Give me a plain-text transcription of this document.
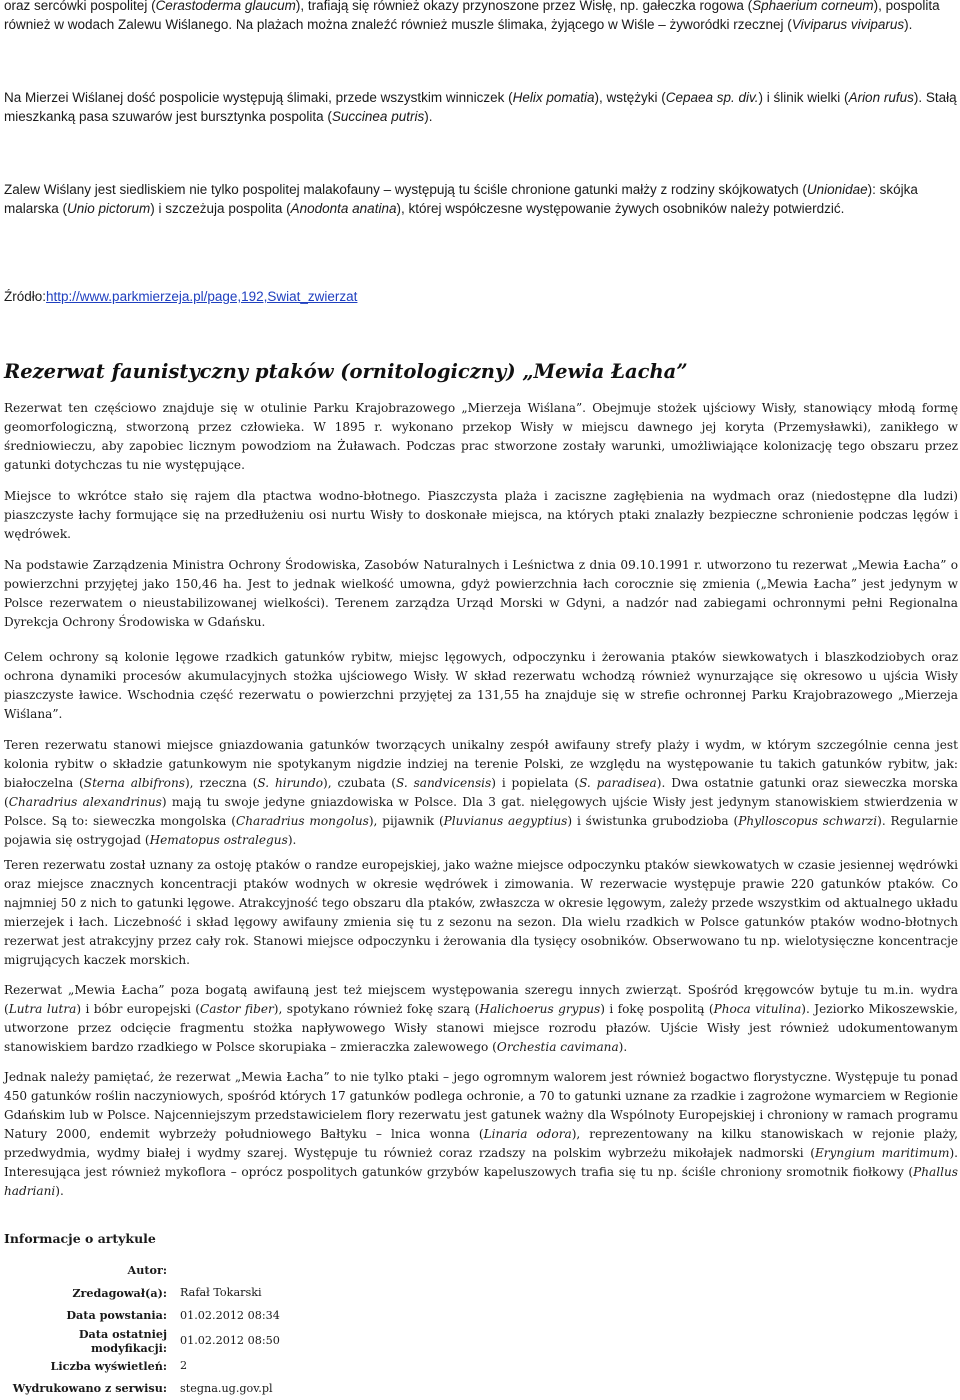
oraz sercówki pospolitej (Cerastoderma glaucum), trafiają się również okazy przynoszone przez Wisłę, np. gałeczka rogowa (Sphaerium corneum), pospolita również w wodach Zalewu Wiślanego. Na plażach można znaleźć również muszle ślimaka, żyjącego w Wiśle – żyworódki rzecznej (Viviparus viviparus).

Na Mierzei Wiślanej dość pospolicie występują ślimaki, przede wszystkim winniczek (Helix pomatia), wstężyki (Cepaea sp. div.) i ślinik wielki (Arion rufus). Stałą mieszkanką pasa szuwarów jest bursztynka pospolita (Succinea putris).

Zalew Wiślany jest siedliskiem nie tylko pospolitej malakofauny – występują tu ściśle chronione gatunki małży z rodziny skójkowatych (Unionidae): skójka malarska (Unio pictorum) i szczeżuja pospolita (Anodonta anatina), której współczesne występowanie żywych osobników należy potwierdzić.

Źródło:http://www.parkmierzeja.pl/page,192,Swiat_zwierzat
Rezerwat faunistyczny ptaków (ornitologiczny) „Mewia Łacha”

Rezerwat ten częściowo znajduje się w otulinie Parku Krajobrazowego „Mierzeja Wiślana”. Obejmuje stożek ujściowy Wisły, stanowiący młodą formę geomorfologiczną, stworzoną przez człowieka. W 1895 r. wykonano przekop Wisły w miejscu dawnego jej koryta (Przemysławki), zanikłego w średniowieczu, aby zapobiec licznym powodziom na Żuławach. Podczas prac stworzone zostały warunki, umożliwiające kolonizację tego obszaru przez gatunki dotychczas tu nie występujące.

Miejsce to wkrótce stało się rajem dla ptactwa wodno-błotnego. Piaszczysta plaża i zaciszne zagłębienia na wydmach oraz (niedostępne dla ludzi) piaszczyste łachy formujące się na przedłużeniu osi nurtu Wisły to doskonałe miejsca, na których ptaki znalazły bezpieczne schronienie podczas lęgów i wędrówek.

Na podstawie Zarządzenia Ministra Ochrony Środowiska, Zasobów Naturalnych i Leśnictwa z dnia 09.10.1991 r. utworzono tu rezerwat „Mewia Łacha” o powierzchni przyjętej jako 150,46 ha. Jest to jednak wielkość umowna, gdyż powierzchnia łach corocznie się zmienia („Mewia Łacha” jest jedynym w Polsce rezerwatem o nieustabilizowanej wielkości). Terenem zarządza Urząd Morski w Gdyni, a nadzór nad zabiegami ochronnymi pełni Regionalna Dyrekcja Ochrony Środowiska w Gdańsku.

Celem ochrony są kolonie lęgowe rzadkich gatunków rybitw, miejsc lęgowych, odpoczynku i żerowania ptaków siewkowatych i blaszkodziobych oraz ochrona dynamiki procesów akumulacyjnych stożka ujściowego Wisły. W skład rezerwatu wchodzą również wynurzające się okresowo u ujścia Wisły piaszczyste ławice. Wschodnia część rezerwatu o powierzchni przyjętej za 131,55 ha znajduje się w strefie ochronnej Parku Krajobrazowego „Mierzeja Wiślana”.

Teren rezerwatu stanowi miejsce gniazdowania gatunków tworzących unikalny zespół awifauny strefy plaży i wydm, w którym szczególnie cenna jest kolonia rybitw o składzie gatunkowym nie spotykanym nigdzie indziej na terenie Polski, ze względu na występowanie tu takich gatunków rybitw, jak: białoczelna (Sterna albifrons), rzeczna (S. hirundo), czubata (S. sandvicensis) i popielata (S. paradisea). Dwa ostatnie gatunki oraz sieweczka morska (Charadrius alexandrinus) mają tu swoje jedyne gniazdowiska w Polsce. Dla 3 gat. nielęgowych ujście Wisły jest jedynym stanowiskiem stwierdzenia w Polsce. Są to: sieweczka mongolska (Charadrius mongolus), pijawnik (Pluvianus aegyptius) i świstunka grubodzioba (Phylloscopus schwarzi). Regularnie pojawia się ostrygojad (Hematopus ostralegus).

Teren rezerwatu został uznany za ostoję ptaków o randze europejskiej, jako ważne miejsce odpoczynku ptaków siewkowatych w czasie jesiennej wędrówki oraz miejsce znacznych koncentracji ptaków wodnych w okresie wędrówek i zimowania. W rezerwacie występuje prawie 220 gatunków ptaków. Co najmniej 50 z nich to gatunki lęgowe. Atrakcyjność tego obszaru dla ptaków, zwłaszcza w okresie lęgowym, zależy przede wszystkim od aktualnego układu mierzejek i łach. Liczebność i skład lęgowy awifauny zmienia się tu z sezonu na sezon. Dla wielu rzadkich w Polsce gatunków ptaków wodno-błotnych rezerwat jest atrakcyjny przez cały rok. Stanowi miejsce odpoczynku i żerowania dla tysięcy osobników. Obserwowano tu np. wielotysięczne koncentracje migrujących kaczek morskich.

Rezerwat „Mewia Łacha” poza bogatą awifauną jest też miejscem występowania szeregu innych zwierząt. Spośród kręgowców bytuje tu m.in. wydra (Lutra lutra) i bóbr europejski (Castor fiber), spotykano również fokę szarą (Halichoerus grypus) i fokę pospolitą (Phoca vitulina). Jeziorko Mikoszewskie, utworzone przez odcięcie fragmentu stożka napływowego Wisły stanowi miejsce rozrodu płazów. Ujście Wisły jest również udokumentowanym stanowiskiem bardzo rzadkiego w Polsce skorupiaka – zmieraczka zalewowego (Orchestia cavimana).

Jednak należy pamiętać, że rezerwat „Mewia Łacha” to nie tylko ptaki – jego ogromnym walorem jest również bogactwo florystyczne. Występuje tu ponad 450 gatunków roślin naczyniowych, spośród których 17 gatunków podlega ochronie, a 70 to gatunki uznane za rzadkie i zagrożone wymarciem w Regionie Gdańskim lub w Polsce. Najcenniejszym przedstawicielem flory rezerwatu jest gatunek ważny dla Wspólnoty Europejskiej i chroniony w ramach programu Natury 2000, endemit wybrzeży południowego Bałtyku – lnica wonna (Linaria odora), reprezentowany na kilku stanowiskach w rejonie plaży, przedwydmia, wydmy białej i wydmy szarej. Występuje tu również coraz rzadszy na polskim wybrzeżu mikołajek nadmorski (Eryngium maritimum). Interesująca jest również mykoflora – oprócz pospolitych gatunków grzybów kapeluszowych trafia się tu np. ściśle chroniony sromotnik fiołkowy (Phallus hadriani).

Informacje o artykule
Autor:	
Zredagował(a):	Rafał Tokarski
Data powstania:	01.02.2012 08:34
Data ostatniej modyfikacji:	01.02.2012 08:50
Liczba wyświetleń:	2
Wydrukowano z serwisu:	stegna.ug.gov.pl
